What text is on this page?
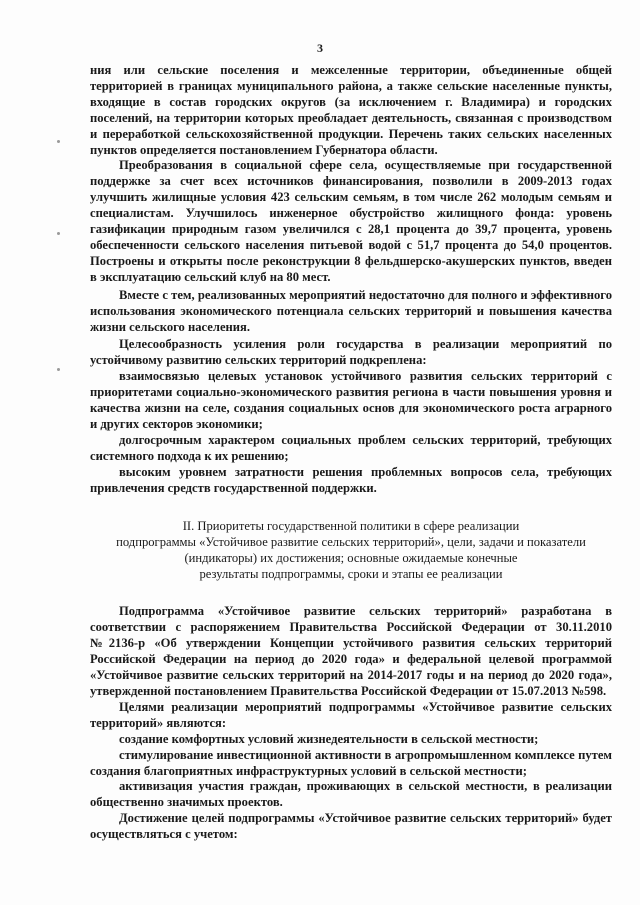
3

ния или сельские поселения и межселенные территории, объединенные общей территорией в границах муниципального района, а также сельские населенные пункты, входящие в состав городских округов (за исключением г. Владимира) и городских поселений, на территории которых преобладает деятельность, связанная с производством и переработкой сельскохозяйственной продукции. Перечень таких сельских населенных пунктов определяется постановлением Губернатора области.

Преобразования в социальной сфере села, осуществляемые при государственной поддержке за счет всех источников финансирования, позволили в 2009-2013 годах улучшить жилищные условия 423 сельским семьям, в том числе 262 молодым семьям и специалистам. Улучшилось инженерное обустройство жилищного фонда: уровень газификации природным газом увеличился с 28,1 процента до 39,7 процента, уровень обеспеченности сельского населения питьевой водой с 51,7 процента до 54,0 процентов. Построены и открыты после реконструкции 8 фельдшерско-акушерских пунктов, введен в эксплуатацию сельский клуб на 80 мест.

Вместе с тем, реализованных мероприятий недостаточно для полного и эффективного использования экономического потенциала сельских территорий и повышения качества жизни сельского населения.

Целесообразность усиления роли государства в реализации мероприятий по устойчивому развитию сельских территорий подкреплена:

взаимосвязью целевых установок устойчивого развития сельских территорий с приоритетами социально-экономического развития региона в части повышения уровня и качества жизни на селе, создания социальных основ для экономического роста аграрного и других секторов экономики;

долгосрочным характером социальных проблем сельских территорий, требующих системного подхода к их решению;

высоким уровнем затратности решения проблемных вопросов села, требующих привлечения средств государственной поддержки.

II. Приоритеты государственной политики в сфере реализации
подпрограммы «Устойчивое развитие сельских территорий», цели, задачи и показатели
(индикаторы) их достижения; основные ожидаемые конечные
результаты подпрограммы, сроки и этапы ее реализации

Подпрограмма «Устойчивое развитие сельских территорий» разработана в соответствии с распоряжением Правительства Российской Федерации от 30.11.2010 №2136-р «Об утверждении Концепции устойчивого развития сельских территорий Российской Федерации на период до 2020 года» и федеральной целевой программой «Устойчивое развитие сельских территорий на 2014-2017 годы и на период до 2020 года», утвержденной постановлением Правительства Российской Федерации от 15.07.2013 №598.

Целями реализации мероприятий подпрограммы «Устойчивое развитие сельских территорий» являются:

создание комфортных условий жизнедеятельности в сельской местности;

стимулирование инвестиционной активности в агропромышленном комплексе путем создания благоприятных инфраструктурных условий в сельской местности;

активизация участия граждан, проживающих в сельской местности, в реализации общественно значимых проектов.

Достижение целей подпрограммы «Устойчивое развитие сельских территорий» будет осуществляться с учетом:
